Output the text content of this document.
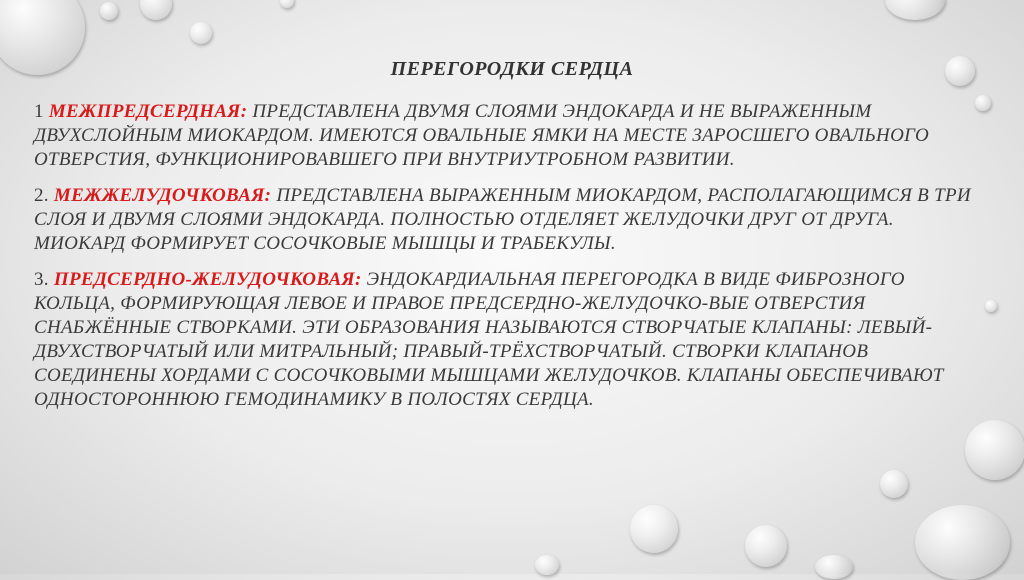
ПЕРЕГОРОДКИ СЕРДЦА

1 МЕЖПРЕДСЕРДНАЯ: ПРЕДСТАВЛЕНА ДВУМЯ СЛОЯМИ ЭНДОКАРДА И НЕ ВЫРАЖЕННЫМ ДВУХСЛОЙНЫМ МИОКАРДОМ. ИМЕЮТСЯ ОВАЛЬНЫЕ ЯМКИ НА МЕСТЕ ЗАРОСШЕГО ОВАЛЬНОГО ОТВЕРСТИЯ, ФУНКЦИОНИРОВАВШЕГО ПРИ ВНУТРИУТРОБНОМ РАЗВИТИИ.

2. МЕЖЖЕЛУДОЧКОВАЯ: ПРЕДСТАВЛЕНА ВЫРАЖЕННЫМ МИОКАРДОМ, РАСПОЛАГАЮЩИМСЯ В ТРИ СЛОЯ И ДВУМЯ СЛОЯМИ ЭНДОКАРДА. ПОЛНОСТЬЮ ОТДЕЛЯЕТ ЖЕЛУДОЧКИ ДРУГ ОТ ДРУГА. МИОКАРД ФОРМИРУЕТ СОСОЧКОВЫЕ МЫШЦЫ И ТРАБЕКУЛЫ.

3. ПРЕДСЕРДНО-ЖЕЛУДОЧКОВАЯ: ЭНДОКАРДИАЛЬНАЯ ПЕРЕГОРОДКА В ВИДЕ ФИБРОЗНОГО КОЛЬЦА, ФОРМИРУЮЩАЯ ЛЕВОЕ И ПРАВОЕ ПРЕДСЕРДНО-ЖЕЛУДОЧКО-ВЫЕ ОТВЕРСТИЯ СНАБЖЁННЫЕ СТВОРКАМИ. ЭТИ ОБРАЗОВАНИЯ НАЗЫВАЮТСЯ СТВОРЧАТЫЕ КЛАПАНЫ: ЛЕВЫЙ- ДВУХСТВОРЧАТЫЙ ИЛИ МИТРАЛЬНЫЙ; ПРАВЫЙ-ТРЁХСТВОРЧАТЫЙ. СТВОРКИ КЛАПАНОВ СОЕДИНЕНЫ ХОРДАМИ С СОСОЧКОВЫМИ МЫШЦАМИ ЖЕЛУДОЧКОВ. КЛАПАНЫ ОБЕСПЕЧИВАЮТ ОДНОСТОРОННЮЮ ГЕМОДИНАМИКУ В ПОЛОСТЯХ СЕРДЦА.
